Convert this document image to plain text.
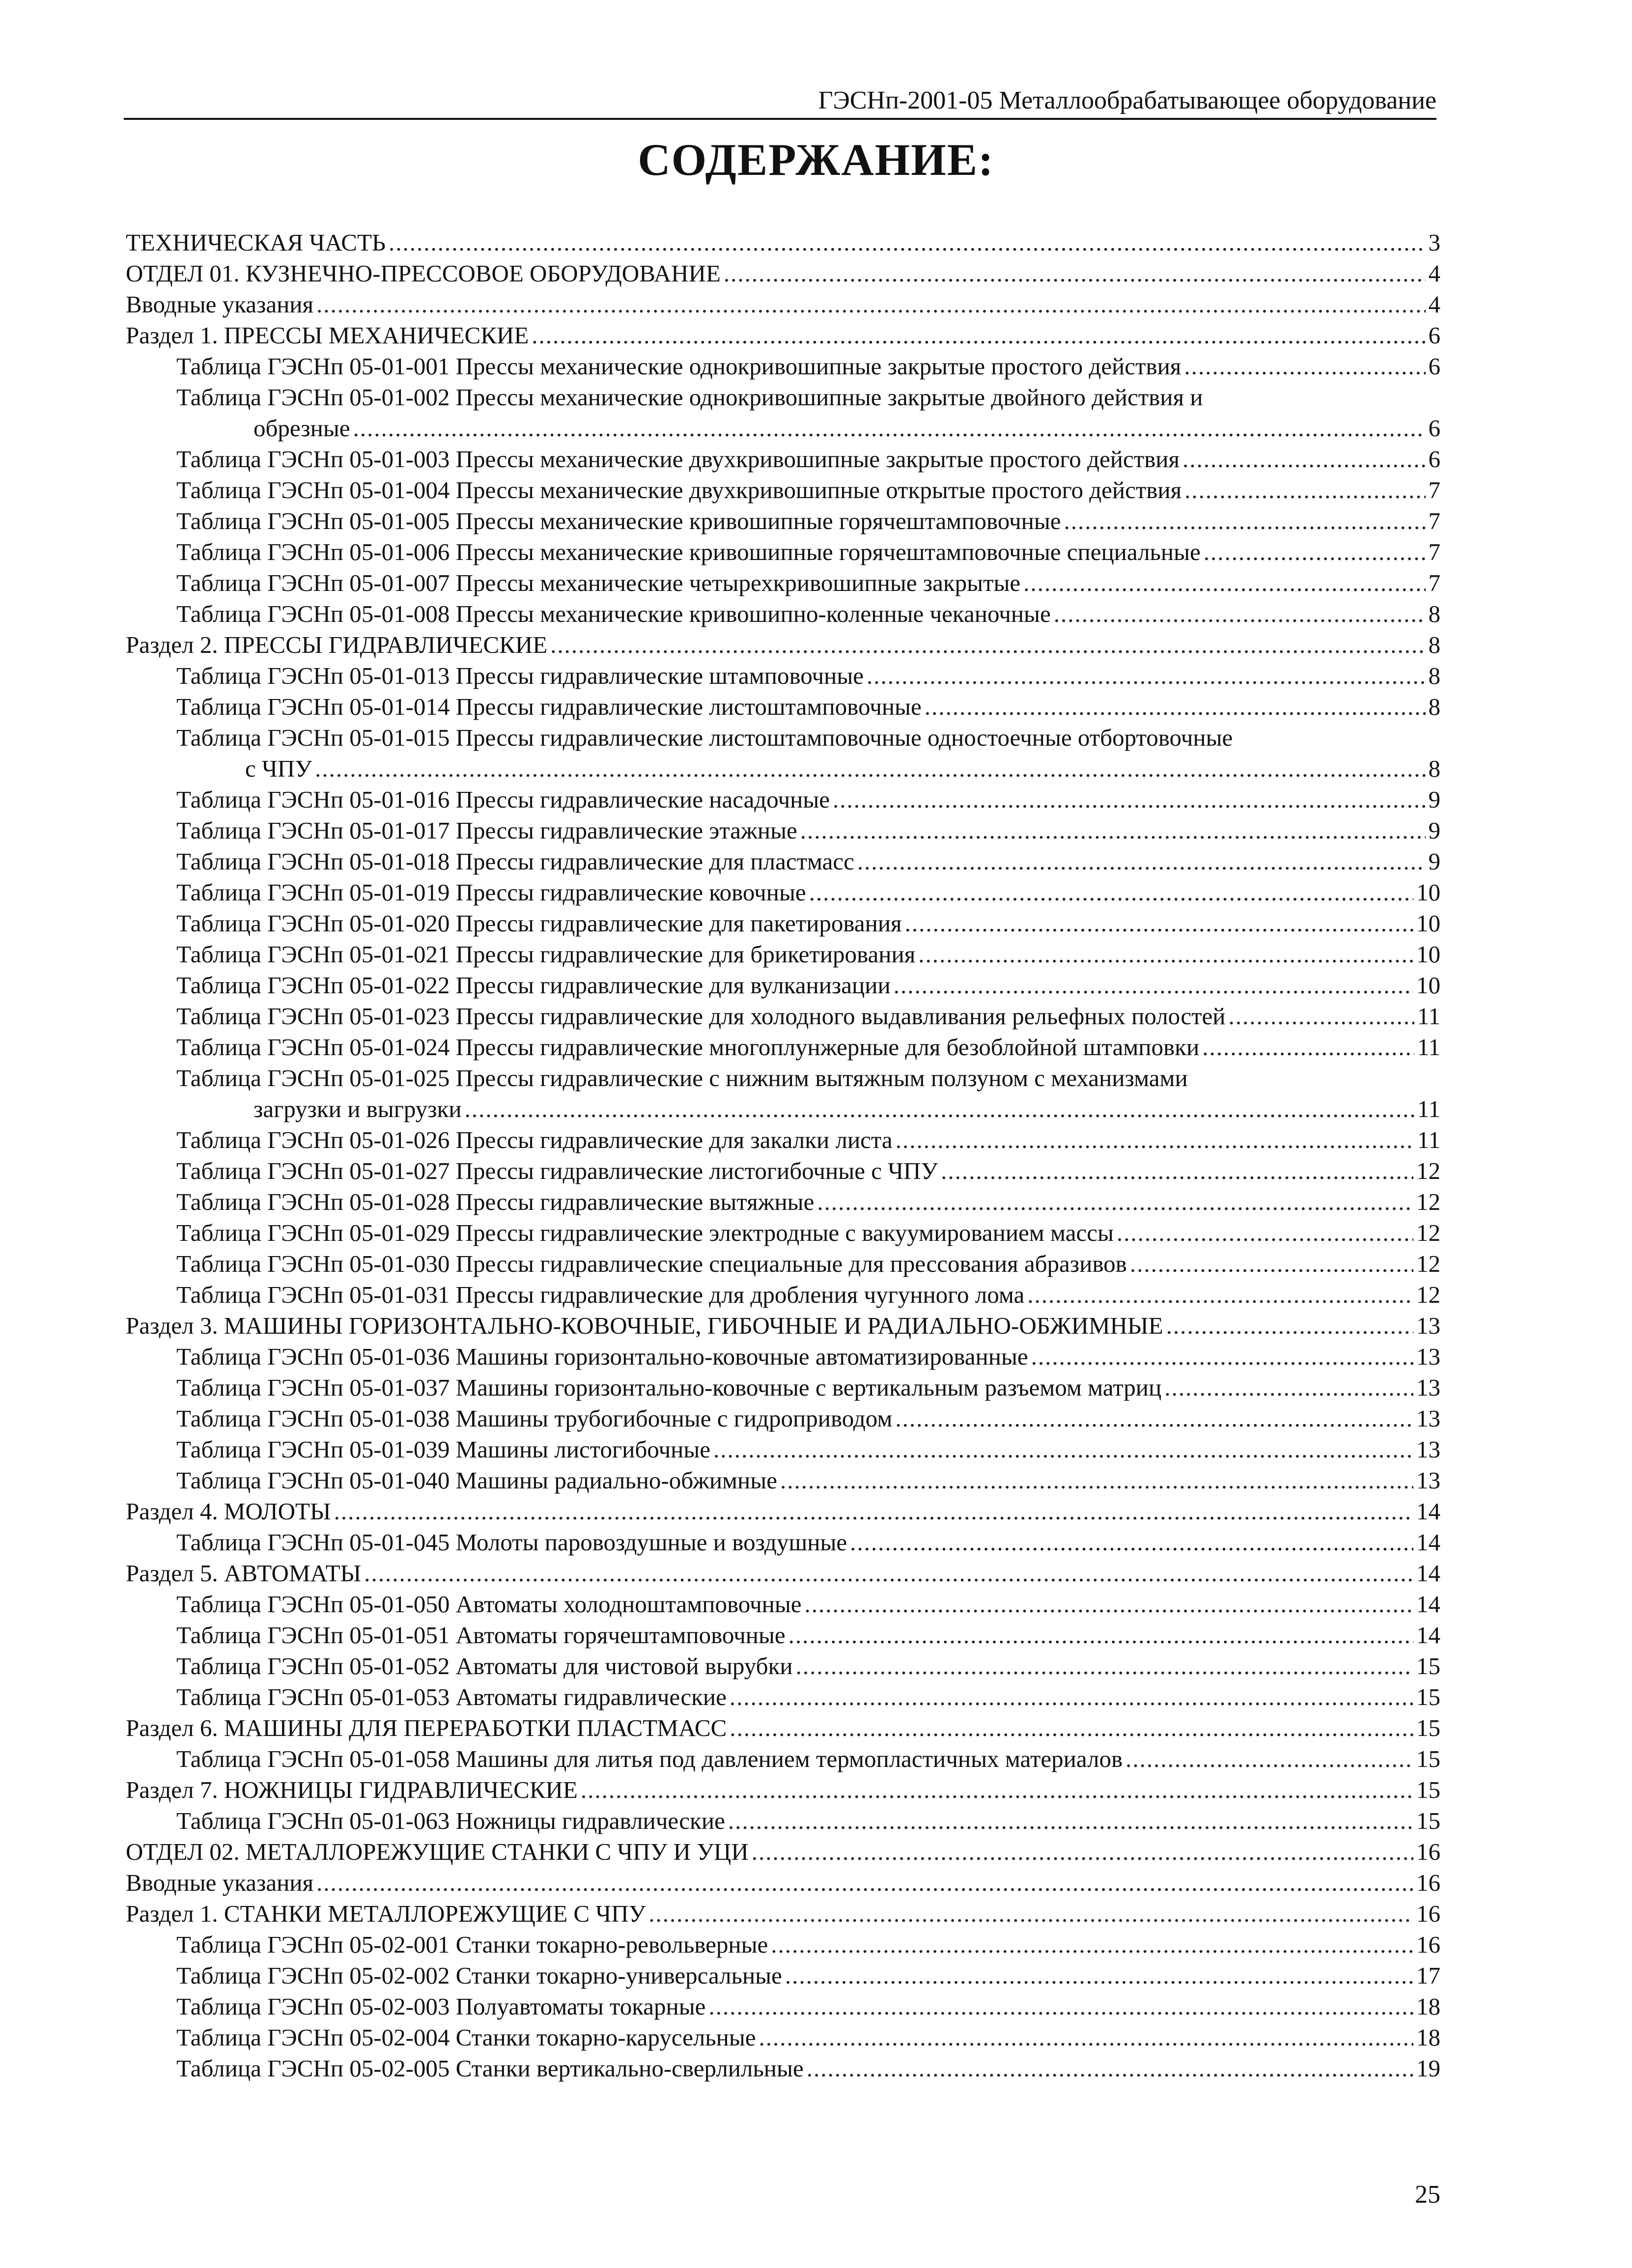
ГЭСНп-2001-05 Металлообрабатывающее оборудование
СОДЕРЖАНИЕ:
ТЕХНИЧЕСКАЯ ЧАСТЬ .....	3
ОТДЕЛ 01. КУЗНЕЧНО-ПРЕССОВОЕ ОБОРУДОВАНИЕ .....	4
Вводные указания .....	4
Раздел 1. ПРЕССЫ МЕХАНИЧЕСКИЕ .....	6
Таблица ГЭСНп 05-01-001 Прессы механические однокривошипные закрытые простого действия .....	6
Таблица ГЭСНп 05-01-002 Прессы механические однокривошипные закрытые двойного действия и
обрезные .....	6
Таблица ГЭСНп 05-01-003 Прессы механические двухкривошипные закрытые простого действия .....	6
Таблица ГЭСНп 05-01-004 Прессы механические двухкривошипные открытые простого действия .....	7
Таблица ГЭСНп 05-01-005 Прессы механические кривошипные горячештамповочные .....	7
Таблица ГЭСНп 05-01-006 Прессы механические кривошипные горячештамповочные специальные .....	7
Таблица ГЭСНп 05-01-007 Прессы механические четырехкривошипные закрытые .....	7
Таблица ГЭСНп 05-01-008 Прессы механические кривошипно-коленные чеканочные .....	8
Раздел 2. ПРЕССЫ ГИДРАВЛИЧЕСКИЕ .....	8
Таблица ГЭСНп 05-01-013 Прессы гидравлические штамповочные .....	8
Таблица ГЭСНп 05-01-014 Прессы гидравлические листоштамповочные .....	8
Таблица ГЭСНп 05-01-015 Прессы гидравлические листоштамповочные одностоечные отбортовочные
с ЧПУ .....	8
Таблица ГЭСНп 05-01-016 Прессы гидравлические насадочные .....	9
Таблица ГЭСНп 05-01-017 Прессы гидравлические этажные .....	9
Таблица ГЭСНп 05-01-018 Прессы гидравлические для пластмасс .....	9
Таблица ГЭСНп 05-01-019 Прессы гидравлические ковочные .....	10
Таблица ГЭСНп 05-01-020 Прессы гидравлические для пакетирования .....	10
Таблица ГЭСНп 05-01-021 Прессы гидравлические для брикетирования .....	10
Таблица ГЭСНп 05-01-022 Прессы гидравлические для вулканизации .....	10
Таблица ГЭСНп 05-01-023 Прессы гидравлические для холодного выдавливания рельефных полостей .....	11
Таблица ГЭСНп 05-01-024 Прессы гидравлические многоплунжерные для безоблойной штамповки .....	11
Таблица ГЭСНп 05-01-025 Прессы гидравлические с нижним вытяжным ползуном с механизмами
загрузки и выгрузки .....	11
Таблица ГЭСНп 05-01-026 Прессы гидравлические для закалки листа .....	11
Таблица ГЭСНп 05-01-027 Прессы гидравлические листогибочные с ЧПУ .....	12
Таблица ГЭСНп 05-01-028 Прессы гидравлические вытяжные .....	12
Таблица ГЭСНп 05-01-029 Прессы гидравлические электродные с вакуумированием массы .....	12
Таблица ГЭСНп 05-01-030 Прессы гидравлические специальные для прессования абразивов .....	12
Таблица ГЭСНп 05-01-031 Прессы гидравлические для дробления чугунного лома .....	12
Раздел 3. МАШИНЫ ГОРИЗОНТАЛЬНО-КОВОЧНЫЕ, ГИБОЧНЫЕ И РАДИАЛЬНО-ОБЖИМНЫЕ .....	13
Таблица ГЭСНп 05-01-036 Машины горизонтально-ковочные автоматизированные .....	13
Таблица ГЭСНп 05-01-037 Машины горизонтально-ковочные с вертикальным разъемом матриц .....	13
Таблица ГЭСНп 05-01-038 Машины трубогибочные с гидроприводом .....	13
Таблица ГЭСНп 05-01-039 Машины листогибочные .....	13
Таблица ГЭСНп 05-01-040 Машины радиально-обжимные .....	13
Раздел 4. МОЛОТЫ .....	14
Таблица ГЭСНп 05-01-045 Молоты паровоздушные и воздушные .....	14
Раздел 5. АВТОМАТЫ .....	14
Таблица ГЭСНп 05-01-050 Автоматы холодноштамповочные .....	14
Таблица ГЭСНп 05-01-051 Автоматы горячештамповочные .....	14
Таблица ГЭСНп 05-01-052 Автоматы для чистовой вырубки .....	15
Таблица ГЭСНп 05-01-053 Автоматы гидравлические .....	15
Раздел 6. МАШИНЫ ДЛЯ ПЕРЕРАБОТКИ ПЛАСТМАСС .....	15
Таблица ГЭСНп 05-01-058 Машины для литья под давлением термопластичных материалов .....	15
Раздел 7. НОЖНИЦЫ ГИДРАВЛИЧЕСКИЕ .....	15
Таблица ГЭСНп 05-01-063 Ножницы гидравлические .....	15
ОТДЕЛ 02. МЕТАЛЛОРЕЖУЩИЕ СТАНКИ С ЧПУ И УЦИ .....	16
Вводные указания .....	16
Раздел 1. СТАНКИ МЕТАЛЛОРЕЖУЩИЕ С ЧПУ .....	16
Таблица ГЭСНп 05-02-001 Станки токарно-револьверные .....	16
Таблица ГЭСНп 05-02-002 Станки токарно-универсальные .....	17
Таблица ГЭСНп 05-02-003 Полуавтоматы токарные .....	18
Таблица ГЭСНп 05-02-004 Станки токарно-карусельные .....	18
Таблица ГЭСНп 05-02-005 Станки вертикально-сверлильные .....	19
25
